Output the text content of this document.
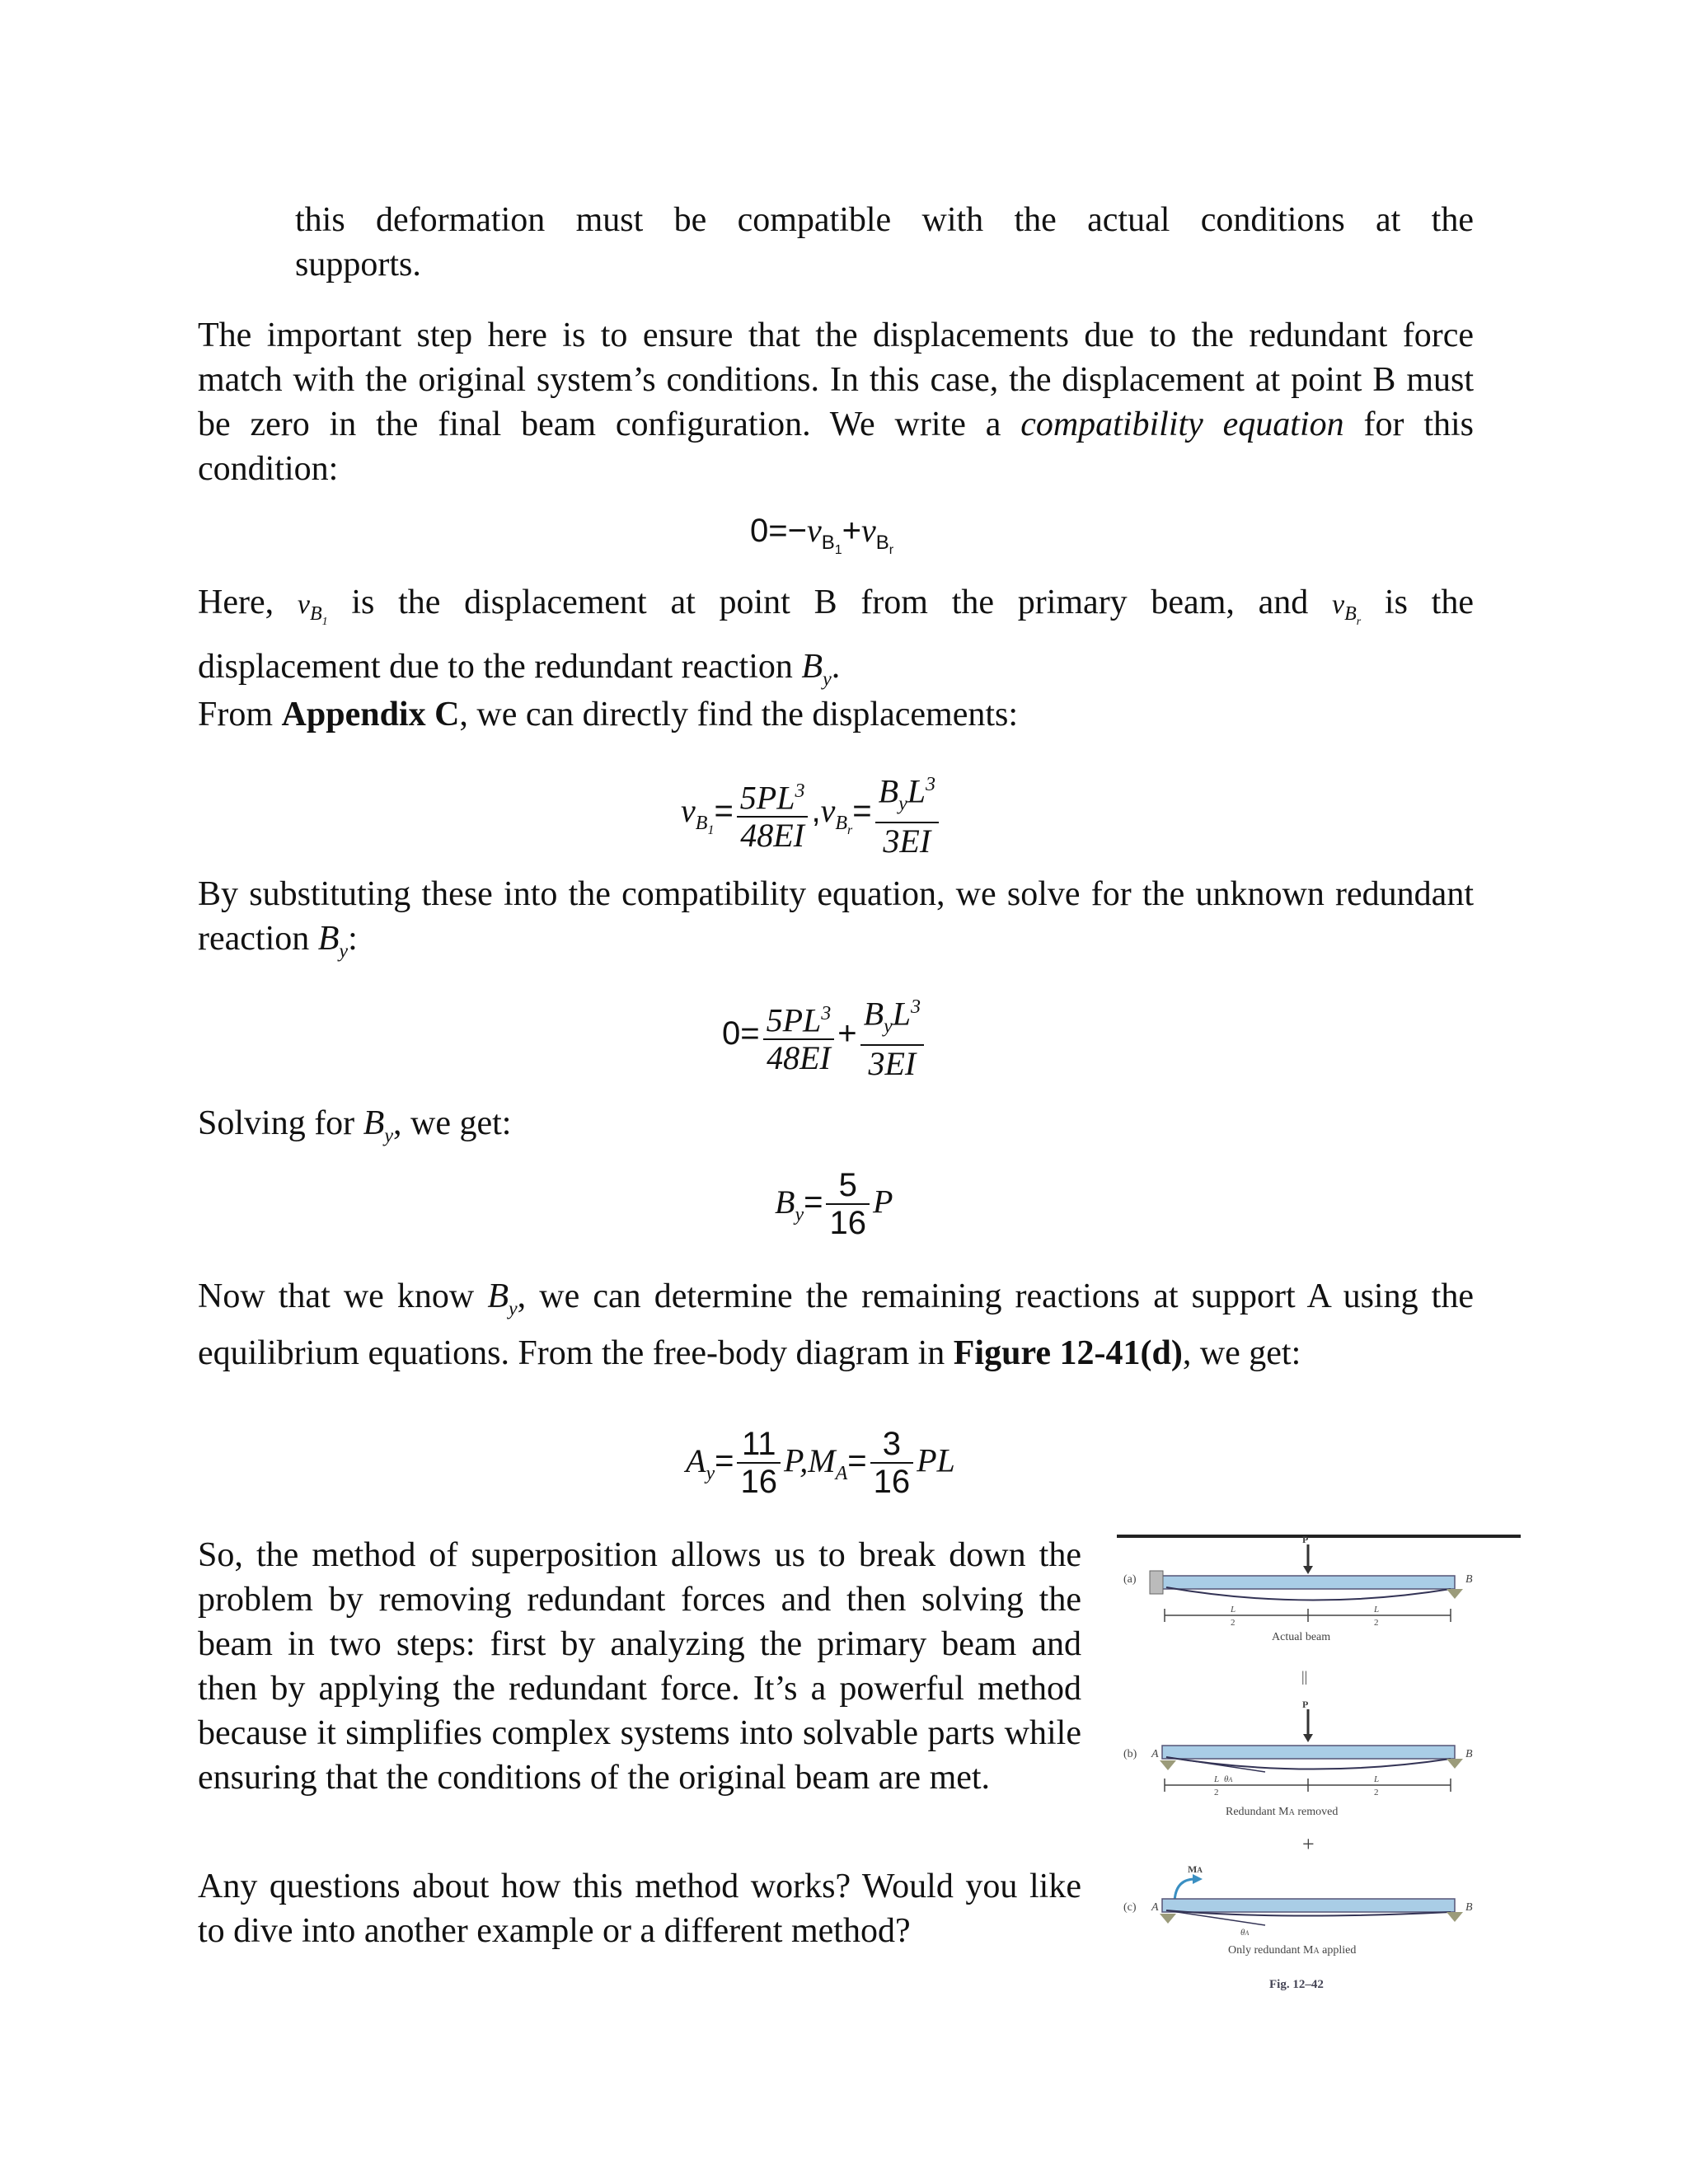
this deformation must be compatible with the actual conditions at the
supports.

The important step here is to ensure that the displacements due to the redundant force match with the original system’s conditions. In this case, the displacement at point B must be zero in the final beam configuration. We write a compatibility equation for this condition:

$0=-v_{B_1}+v_{B_r}$
Here, $v_{B_1}$ is the displacement at point B from the primary beam, and $v_{B_r}$ is the
displacement due to the redundant reaction $B_y$.

From Appendix C, we can directly find the displacements:

$v_{B_1}= \frac{5PL^3}{48EI} ,v_{B_r}= \frac{B_yL^3}{3EI}$
By substituting these into the compatibility equation, we solve for the unknown redundant reaction $B_y$:
$0= \frac{5PL^3}{48EI} + \frac{B_yL^3}{3EI}$

Solving for $B_y$, we get:

$B_y= \frac{5}{16}$ P

Now that we know $B_y$, we can determine the remaining reactions at support A using the equilibrium equations. From the free-body diagram in Figure 12-41(d), we get:

$A_y= \frac{11}{16} P,M_A= \frac{3}{16}$ PL

So, the method of superposition allows us to break down the problem by removing redundant forces and then solving the beam in two steps: first by analyzing the primary beam and then by applying the redundant force. It’s a powerful method because it simplifies complex systems into solvable parts while ensuring that the conditions of the original beam are met.

Any questions about how this method works? Would you like to dive into another example or a different method?

(a)
P
B
L
2
L
2
Actual beam
||
P
(b) A	B
L
2
θA	L
2
Redundant MA removed
+
MA
(c) A	B
θA
Only redundant MA applied
Fig. 12–42
